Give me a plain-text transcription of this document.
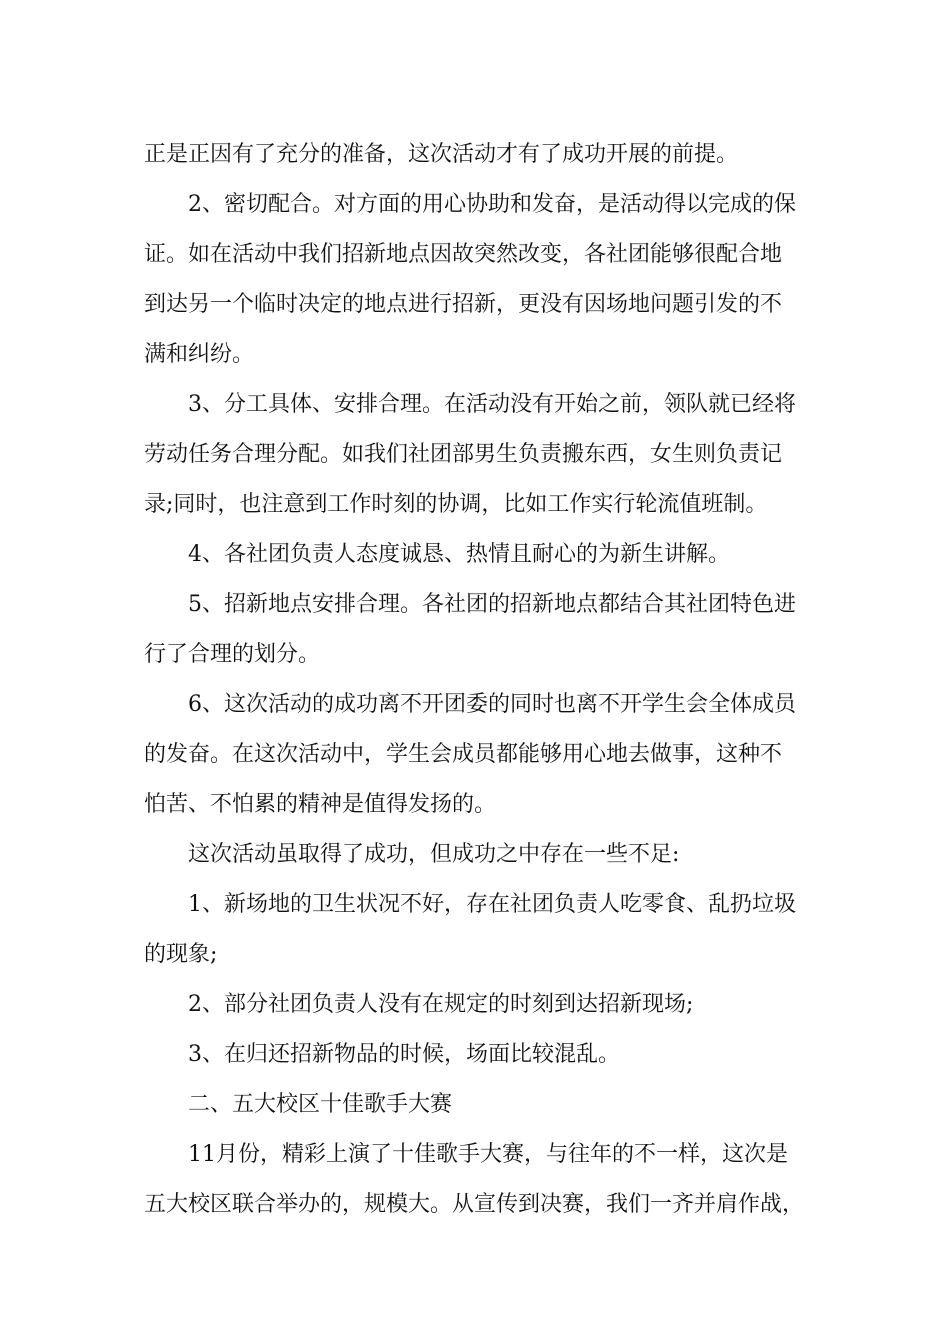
正是正因有了充分的准备，这次活动才有了成功开展的前提。

2、密切配合。对方面的用心协助和发奋，是活动得以完成的保

证。如在活动中我们招新地点因故突然改变，各社团能够很配合地

到达另一个临时决定的地点进行招新，更没有因场地问题引发的不

满和纠纷。

3、分工具体、安排合理。在活动没有开始之前，领队就已经将

劳动任务合理分配。如我们社团部男生负责搬东西，女生则负责记

录;同时，也注意到工作时刻的协调，比如工作实行轮流值班制。

4、各社团负责人态度诚恳、热情且耐心的为新生讲解。

5、招新地点安排合理。各社团的招新地点都结合其社团特色进

行了合理的划分。

6、这次活动的成功离不开团委的同时也离不开学生会全体成员

的发奋。在这次活动中，学生会成员都能够用心地去做事，这种不

怕苦、不怕累的精神是值得发扬的。

这次活动虽取得了成功，但成功之中存在一些不足:

1、新场地的卫生状况不好，存在社团负责人吃零食、乱扔垃圾

的现象;

2、部分社团负责人没有在规定的时刻到达招新现场;

3、在归还招新物品的时候，场面比较混乱。

二、五大校区十佳歌手大赛

11月份，精彩上演了十佳歌手大赛，与往年的不一样，这次是

五大校区联合举办的，规模大。从宣传到决赛，我们一齐并肩作战，
